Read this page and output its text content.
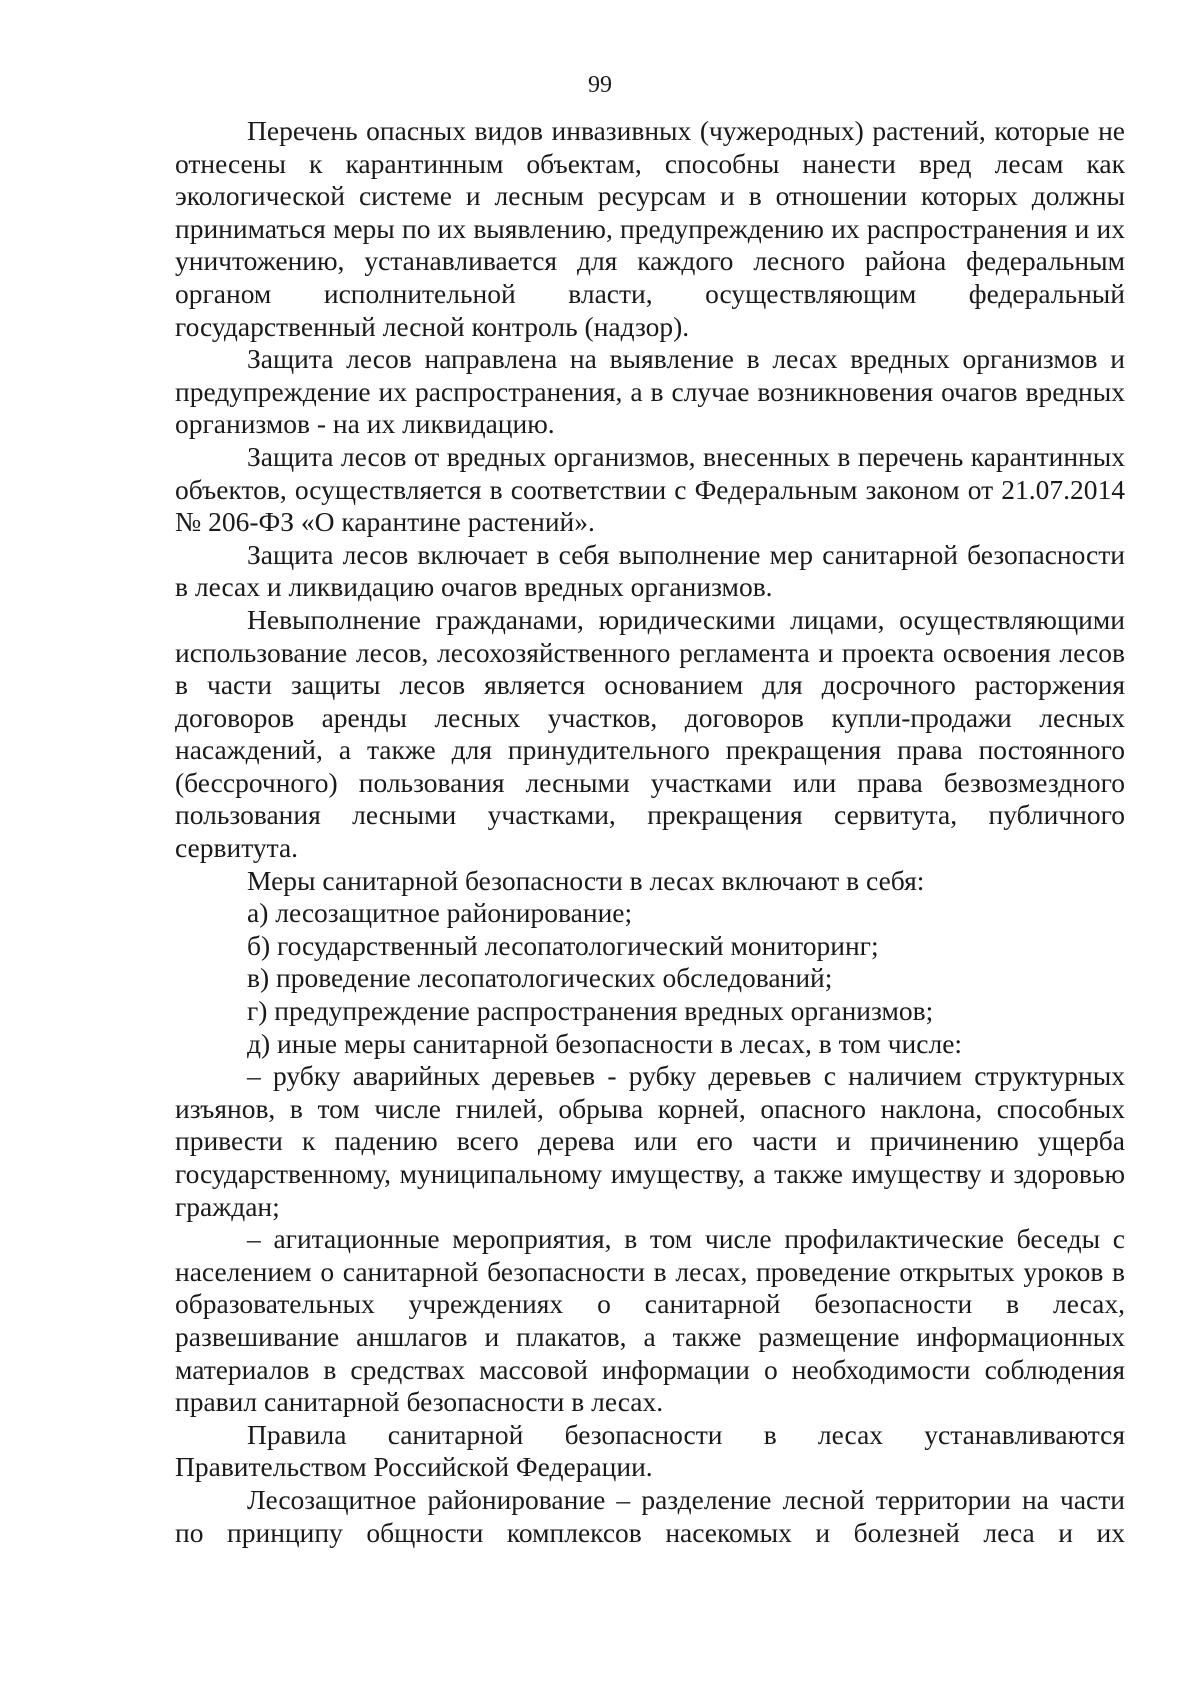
99

Перечень опасных видов инвазивных (чужеродных) растений, которые не отнесены к карантинным объектам, способны нанести вред лесам как экологической системе и лесным ресурсам и в отношении которых должны приниматься меры по их выявлению, предупреждению их распространения и их уничтожению, устанавливается для каждого лесного района федеральным органом исполнительной власти, осуществляющим федеральный государственный лесной контроль (надзор).

Защита лесов направлена на выявление в лесах вредных организмов и предупреждение их распространения, а в случае возникновения очагов вредных организмов - на их ликвидацию.

Защита лесов от вредных организмов, внесенных в перечень карантинных объектов, осуществляется в соответствии с Федеральным законом от 21.07.2014 № 206-ФЗ «О карантине растений».

Защита лесов включает в себя выполнение мер санитарной безопасности в лесах и ликвидацию очагов вредных организмов.

Невыполнение гражданами, юридическими лицами, осуществляющими использование лесов, лесохозяйственного регламента и проекта освоения лесов в части защиты лесов является основанием для досрочного расторжения договоров аренды лесных участков, договоров купли-продажи лесных насаждений, а также для принудительного прекращения права постоянного (бессрочного) пользования лесными участками или права безвозмездного пользования лесными участками, прекращения сервитута, публичного сервитута.

Меры санитарной безопасности в лесах включают в себя:

а) лесозащитное районирование;

б) государственный лесопатологический мониторинг;

в) проведение лесопатологических обследований;

г) предупреждение распространения вредных организмов;

д) иные меры санитарной безопасности в лесах, в том числе:

– рубку аварийных деревьев - рубку деревьев с наличием структурных изъянов, в том числе гнилей, обрыва корней, опасного наклона, способных привести к падению всего дерева или его части и причинению ущерба государственному, муниципальному имуществу, а также имуществу и здоровью граждан;

– агитационные мероприятия, в том числе профилактические беседы с населением о санитарной безопасности в лесах, проведение открытых уроков в образовательных учреждениях о санитарной безопасности в лесах, развешивание аншлагов и плакатов, а также размещение информационных материалов в средствах массовой информации о необходимости соблюдения правил санитарной безопасности в лесах.

Правила санитарной безопасности в лесах устанавливаются Правительством Российской Федерации.

Лесозащитное районирование – разделение лесной территории на части по принципу общности комплексов насекомых и болезней леса и их
